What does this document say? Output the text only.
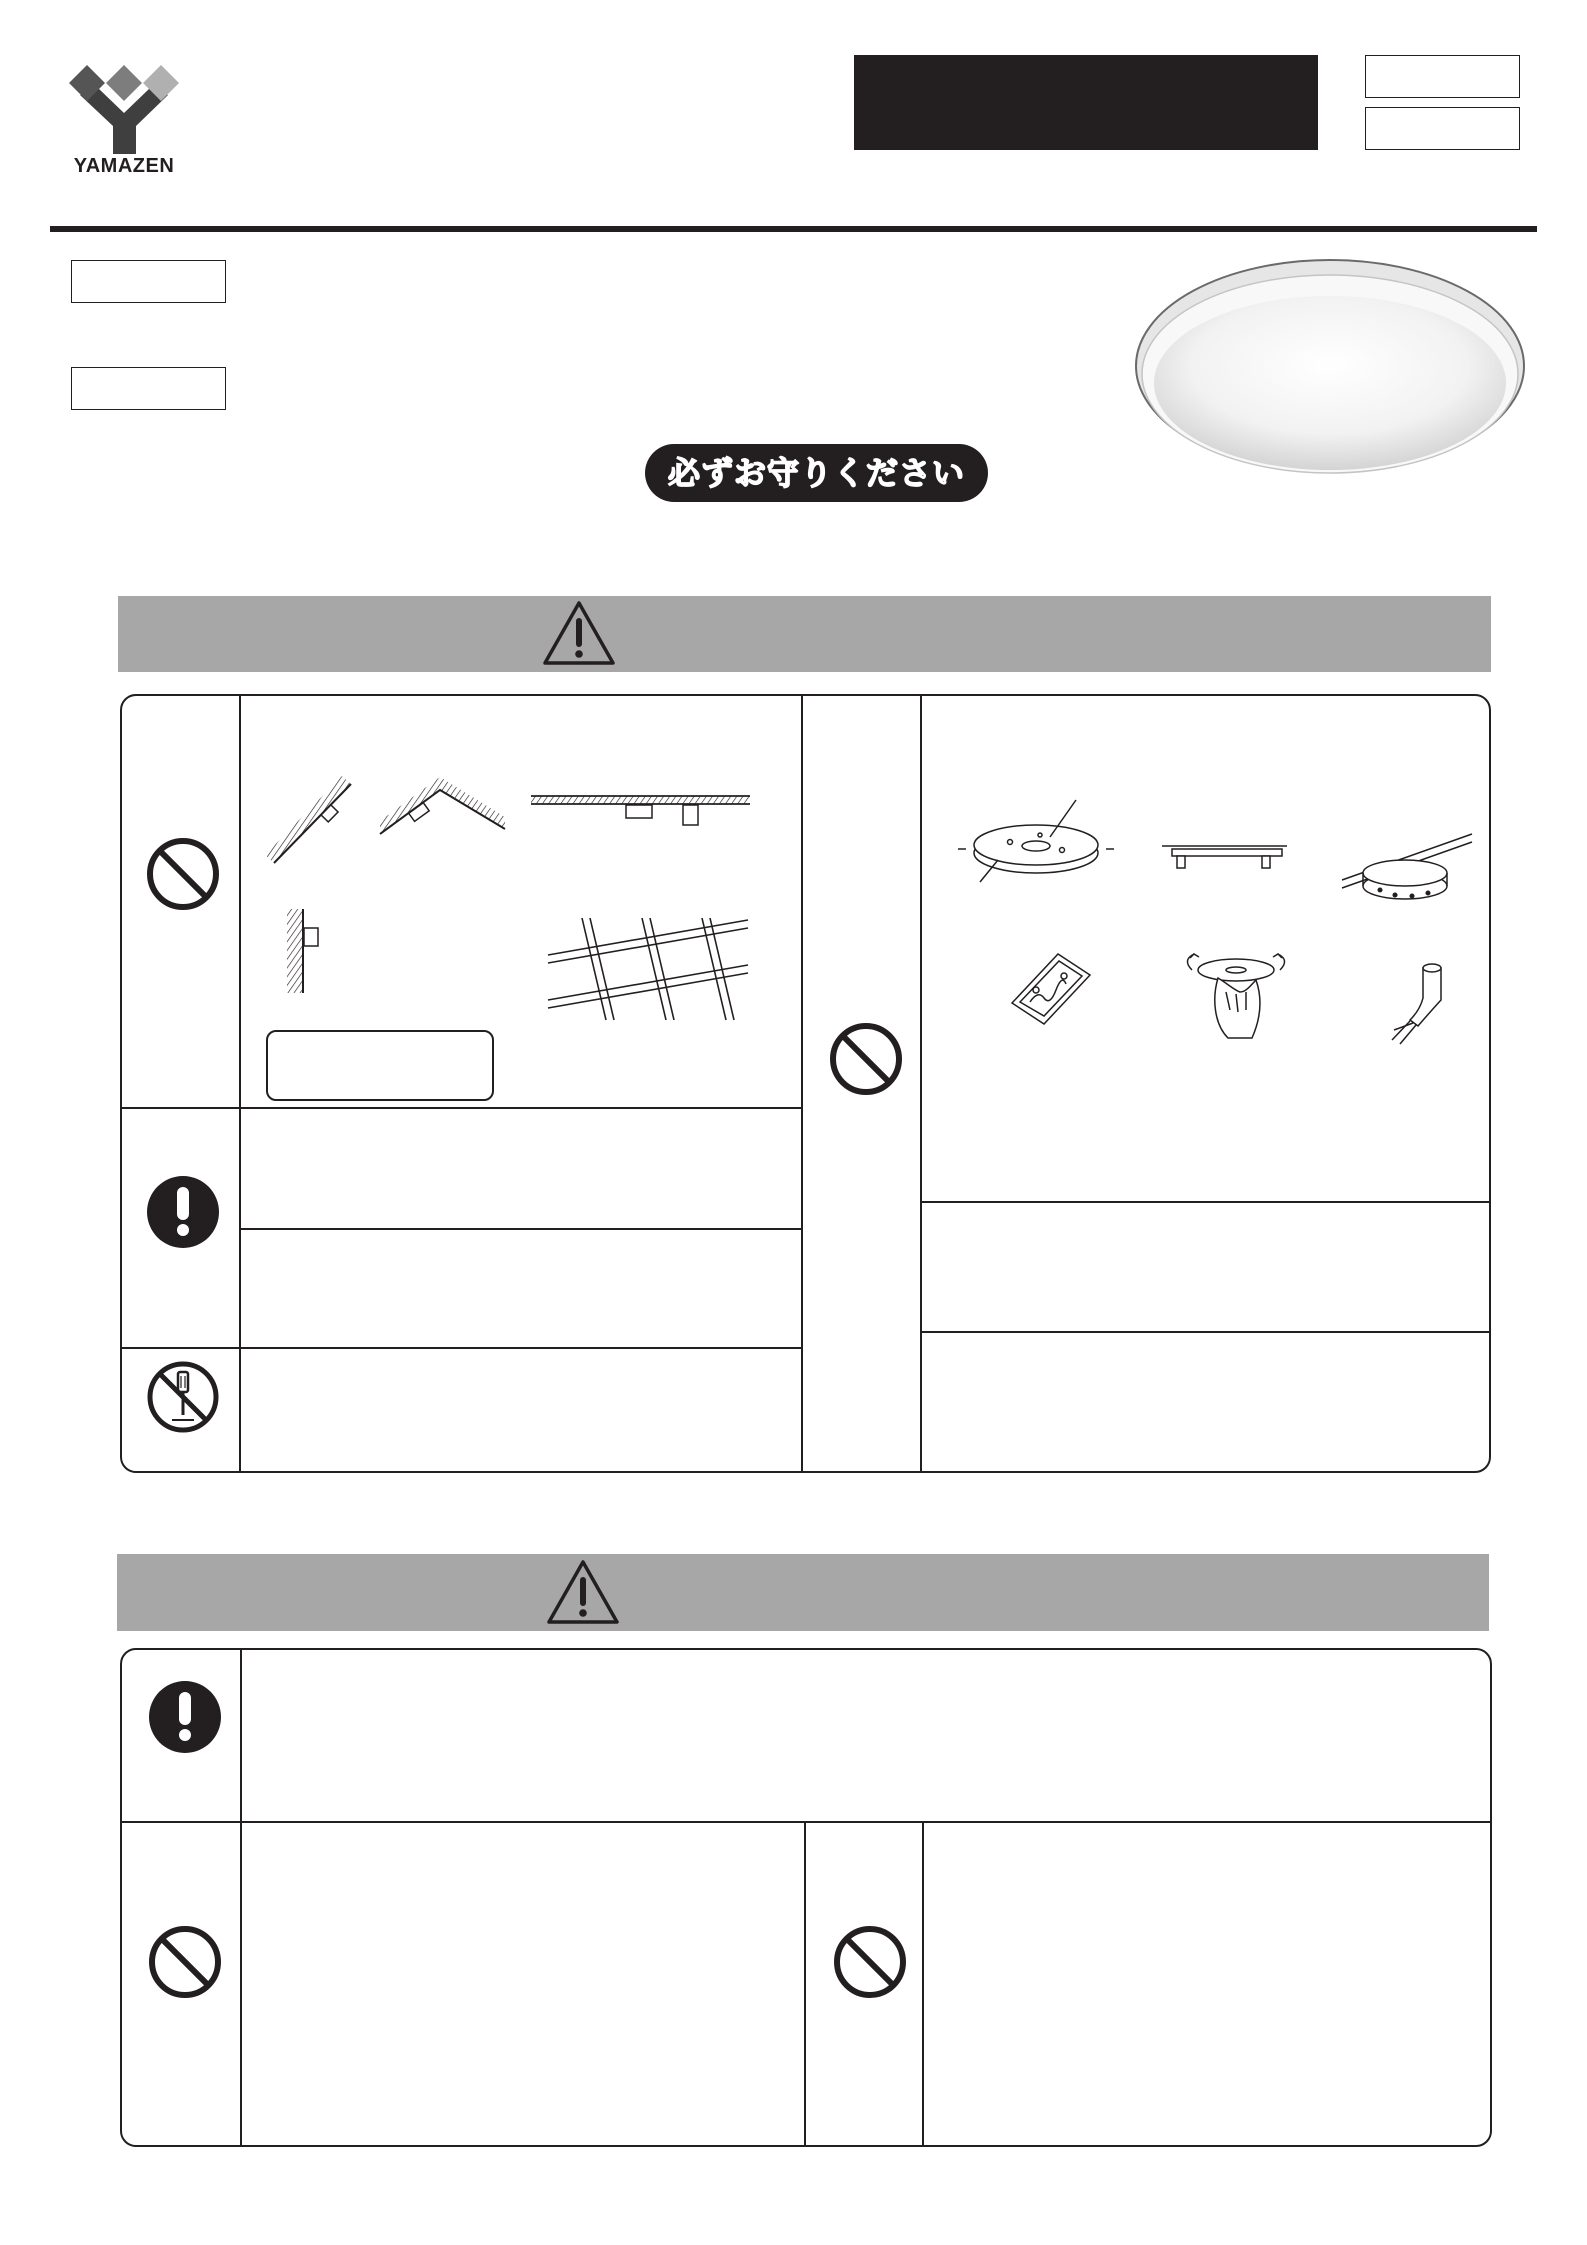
YAMAZEN
必ずお守りください
